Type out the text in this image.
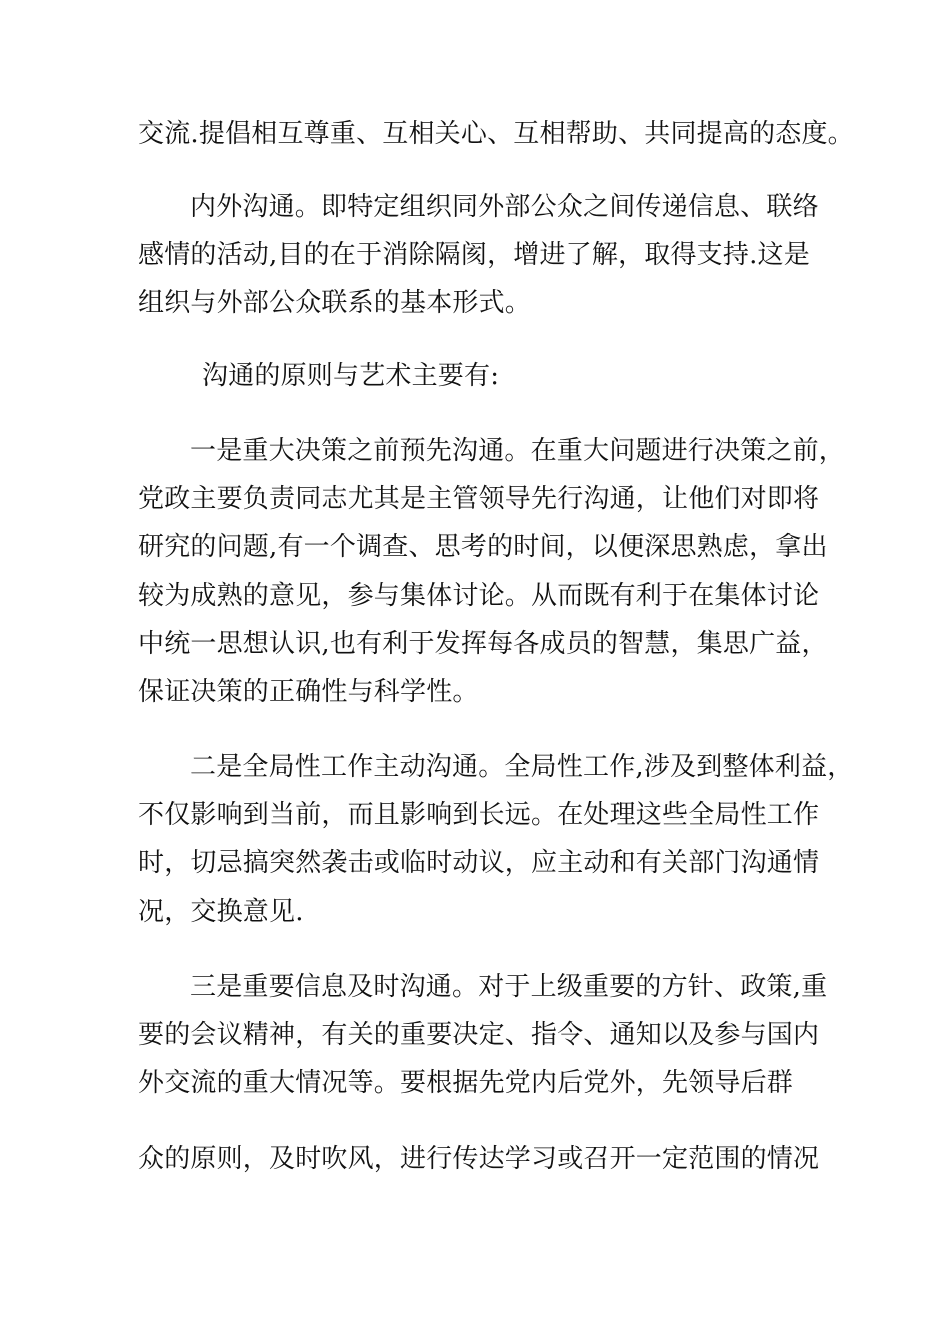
交流.提倡相互尊重、互相关心、互相帮助、共同提高的态度。
内外沟通。即特定组织同外部公众之间传递信息、联络
感情的活动,目的在于消除隔阂，增进了解，取得支持.这是
组织与外部公众联系的基本形式。
沟通的原则与艺术主要有:
一是重大决策之前预先沟通。在重大问题进行决策之前，
党政主要负责同志尤其是主管领导先行沟通，让他们对即将
研究的问题,有一个调查、思考的时间，以便深思熟虑，拿出
较为成熟的意见，参与集体讨论。从而既有利于在集体讨论
中统一思想认识,也有利于发挥每各成员的智慧，集思广益，
保证决策的正确性与科学性。
二是全局性工作主动沟通。全局性工作,涉及到整体利益，
不仅影响到当前，而且影响到长远。在处理这些全局性工作
时，切忌搞突然袭击或临时动议，应主动和有关部门沟通情
况，交换意见.
三是重要信息及时沟通。对于上级重要的方针、政策,重
要的会议精神，有关的重要决定、指令、通知以及参与国内
外交流的重大情况等。要根据先党内后党外，先领导后群
众的原则，及时吹风，进行传达学习或召开一定范围的情况
